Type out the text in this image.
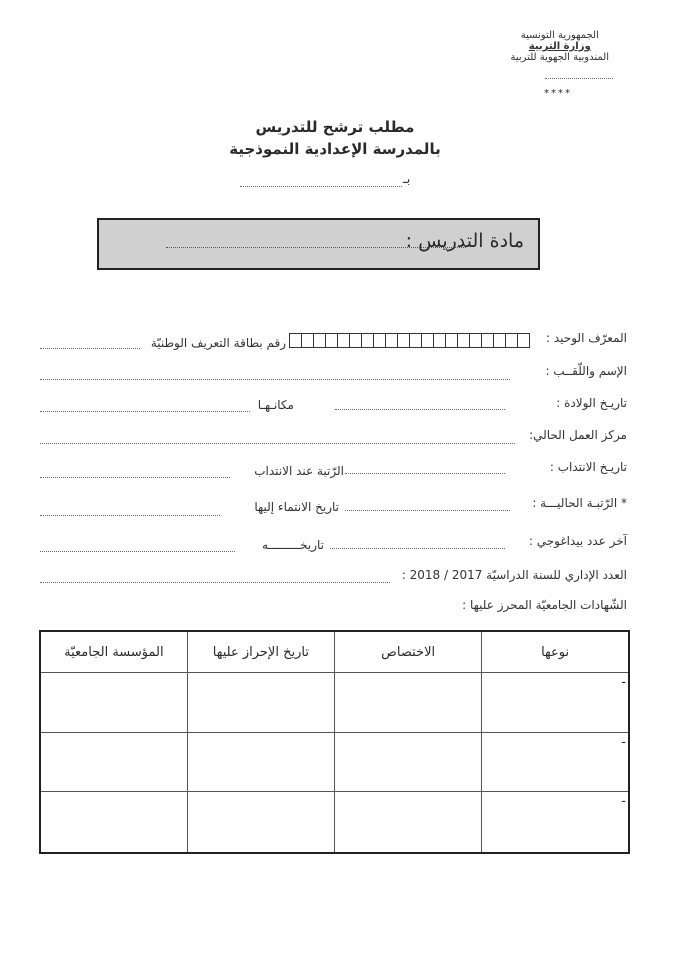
الجمهورية التونسية
وزارة التربية
المندوبية الجهوية للتربية
****
مطلب ترشح للتدريس
بالمدرسة الإعدادية النموذجية
بـ
مادة التدريس :
المعرّف الوحيد :
رقم بطاقة التعريف الوطنيّة
الإسم واللّقــب :
تاريـخ الولادة :
مكانـهـا
مركز العمل الحالي:
تاريـخ الانتداب :
الرّتبة عند الانتداب
* الرّتبـة الحاليـــة :
تاريخ الانتماء إليها
آخر عدد بيداغوجي :
تاريخـــــــــه
العدد الإداري للسنة الدراسيّة 2017 / 2018 :
الشّهادات الجامعيّة المحرز عليها :
نوعها	الاختصاص	تاريخ الإحراز عليها	المؤسسة الجامعيّة
-			
-			
-			
